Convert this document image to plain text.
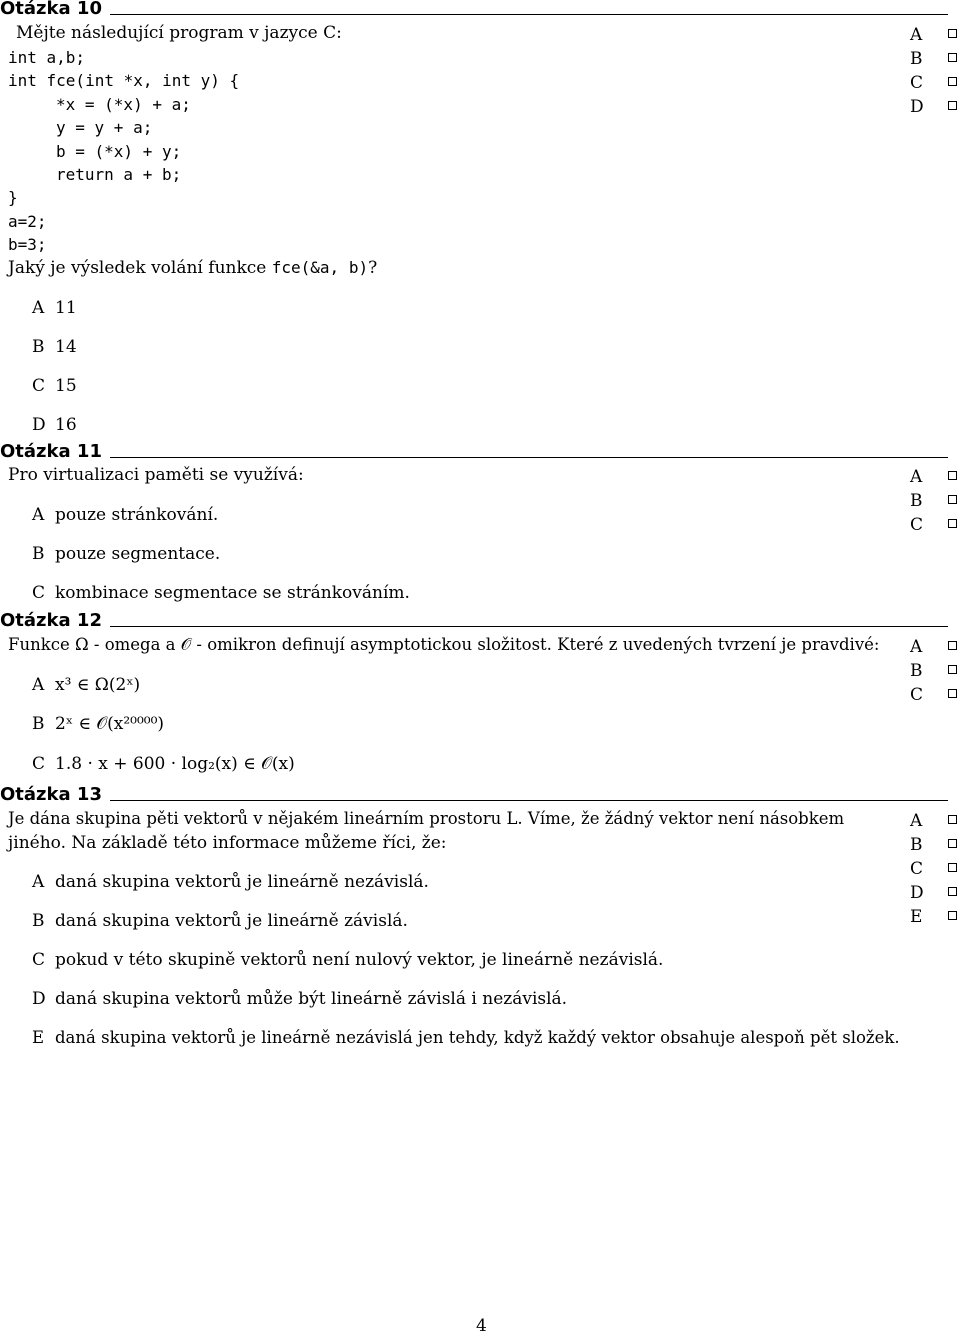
Otázka 10
Mějte následující program v jazyce C:
int a,b;
int fce(int *x, int y) {
*x = (*x) + a;
y = y + a;
b = (*x) + y;
return a + b;
}
a=2;
b=3;
Jaký je výsledek volání funkce fce(&a, b)?
A 11
B 14
C 15
D 16
A
B
C
D
Otázka 11
Pro virtualizaci paměti se využívá:
A pouze stránkování.
B pouze segmentace.
C kombinace segmentace se stránkováním.
A
B
C
Otázka 12
Funkce Ω - omega a 𝒪 - omikron definují asymptotickou složitost. Které z uvedených tvrzení je pravdivé:
A x³ ∈ Ω(2ˣ)
B 2ˣ ∈ 𝒪(x²⁰⁰⁰⁰)
C 1.8 · x + 600 · log₂(x) ∈ 𝒪(x)
A
B
C
Otázka 13
Je dána skupina pěti vektorů v nějakém lineárním prostoru L. Víme, že žádný vektor není násobkem
jiného. Na základě této informace můžeme říci, že:
A daná skupina vektorů je lineárně nezávislá.
B daná skupina vektorů je lineárně závislá.
C pokud v této skupině vektorů není nulový vektor, je lineárně nezávislá.
D daná skupina vektorů může být lineárně závislá i nezávislá.
E daná skupina vektorů je lineárně nezávislá jen tehdy, když každý vektor obsahuje alespoň pět složek.
A
B
C
D
E
4
